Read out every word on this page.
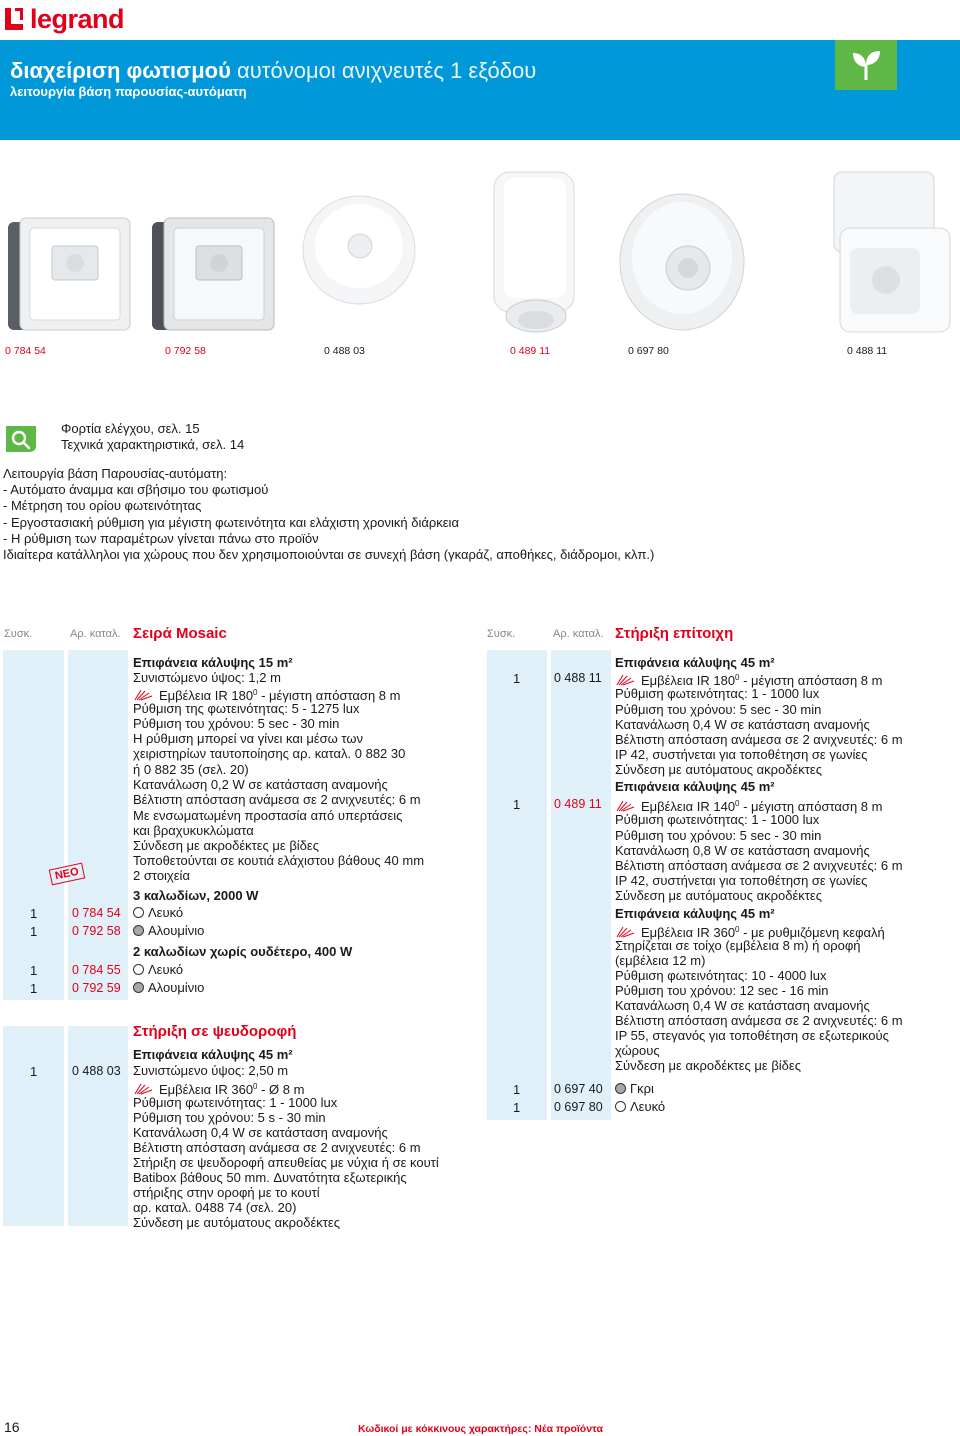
legrand
διαχείριση φωτισμού αυτόνομοι ανιχνευτές 1 εξόδου
λειτουργία βάση παρουσίας-αυτόματη
0 784 54	0 792 58	0 488 03	0 489 11	0 697 80	0 488 11
Φορτία ελέγχου, σελ. 15
Τεχνικά χαρακτηριστικά, σελ. 14
Λειτουργία βάση Παρουσίας-αυτόματη:
- Αυτόματο άναμμα και σβήσιμο του φωτισμού
- Μέτρηση του ορίου φωτεινότητας
- Εργοστασιακή ρύθμιση για μέγιστη φωτεινότητα και ελάχιστη χρονική διάρκεια
- Η ρύθμιση των παραμέτρων γίνεται πάνω στο προϊόν
Ιδιαίτερα κατάλληλοι για χώρους που δεν χρησιμοποιούνται σε συνεχή βάση (γκαράζ, αποθήκες, διάδρομοι, κλπ.)
Συσκ.	Αρ. καταλ. Σειρά Mosaic	Συσκ.	Αρ. καταλ. Στήριξη επίτοιχη
Επιφάνεια κάλυψης 15 m²
Συνιστώμενο ύψος: 1,2 m
Εμβέλεια IR $180^0$ - μέγιστη απόσταση 8 m
Ρύθμιση της φωτεινότητας: 5 - 1275 lux
Ρύθμιση του χρόνου: 5 sec - 30 min
Η ρύθμιση μπορεί να γίνει και μέσω των
χειριστηρίων ταυτοποίησης αρ. καταλ. 0 882 30
ή 0 882 35 (σελ. 20)
Κατανάλωση 0,2 W σε κατάσταση αναμονής
Βέλτιστη απόσταση ανάμεσα σε 2 ανιχνευτές: 6 m
Με ενσωματωμένη προστασία από υπερτάσεις
και βραχυκυκλώματα
Σύνδεση με ακροδέκτες με βίδες
Τοποθετούνται σε κουτιά ελάχιστου βάθους 40 mm
2 στοιχεία
ΝΕΟ
3 καλωδίων, 2000 W
1	0 784 54	Λευκό
1	0 792 58	Αλουμίνιο
2 καλωδίων χωρίς ουδέτερο, 400 W
1	0 784 55	Λευκό
1	0 792 59	Αλουμίνιο
Στήριξη σε ψευδοροφή
Επιφάνεια κάλυψης 45 m²
1	0 488 03 Συνιστώμενο ύψος: 2,50 m
Εμβέλεια IR $360^0$ - Ø 8 m
Ρύθμιση φωτεινότητας: 1 - 1000 lux
Ρύθμιση του χρόνου: 5 s - 30 min
Κατανάλωση 0,4 W σε κατάσταση αναμονής
Βέλτιστη απόσταση ανάμεσα σε 2 ανιχνευτές: 6 m
Στήριξη σε ψευδοροφή απευθείας με νύχια ή σε κουτί
Batibox βάθους 50 mm. Δυνατότητα εξωτερικής
στήριξης στην οροφή με το κουτί
αρ. καταλ. 0488 74 (σελ. 20)
Σύνδεση με αυτόματους ακροδέκτες
Επιφάνεια κάλυψης 45 m²
1	0 488 11	Εμβέλεια IR $180^0$ - μέγιστη απόσταση 8 m
Ρύθμιση φωτεινότητας: 1 - 1000 lux
Ρύθμιση του χρόνου: 5 sec - 30 min
Κατανάλωση 0,4 W σε κατάσταση αναμονής
Βέλτιστη απόσταση ανάμεσα σε 2 ανιχνευτές: 6 m
IP 42, συστήνεται για τοποθέτηση σε γωνίες
Σύνδεση με αυτόματους ακροδέκτες
Επιφάνεια κάλυψης 45 m²
1	0 489 11	Εμβέλεια IR $140^0$ - μέγιστη απόσταση 8 m
Ρύθμιση φωτεινότητας: 1 - 1000 lux
Ρύθμιση του χρόνου: 5 sec - 30 min
Κατανάλωση 0,8 W σε κατάσταση αναμονής
Βέλτιστη απόσταση ανάμεσα σε 2 ανιχνευτές: 6 m
IP 42, συστήνεται για τοποθέτηση σε γωνίες
Σύνδεση με αυτόματους ακροδέκτες
Επιφάνεια κάλυψης 45 m²
Εμβέλεια IR $360^0$ - με ρυθμιζόμενη κεφαλή
Στηρίζεται σε τοίχο (εμβέλεια 8 m) ή οροφή
(εμβέλεια 12 m)
Ρύθμιση φωτεινότητας: 10 - 4000 lux
Ρύθμιση του χρόνου: 12 sec - 16 min
Κατανάλωση 0,4 W σε κατάσταση αναμονής
Βέλτιστη απόσταση ανάμεσα σε 2 ανιχνευτές: 6 m
IP 55, στεγανός για τοποθέτηση σε εξωτερικούς
χώρους
Σύνδεση με ακροδέκτες με βίδες
1	0 697 40	Γκρι
1	0 697 80	Λευκό
16	Κωδικοί με κόκκινους χαρακτήρες: Νέα προϊόντα
